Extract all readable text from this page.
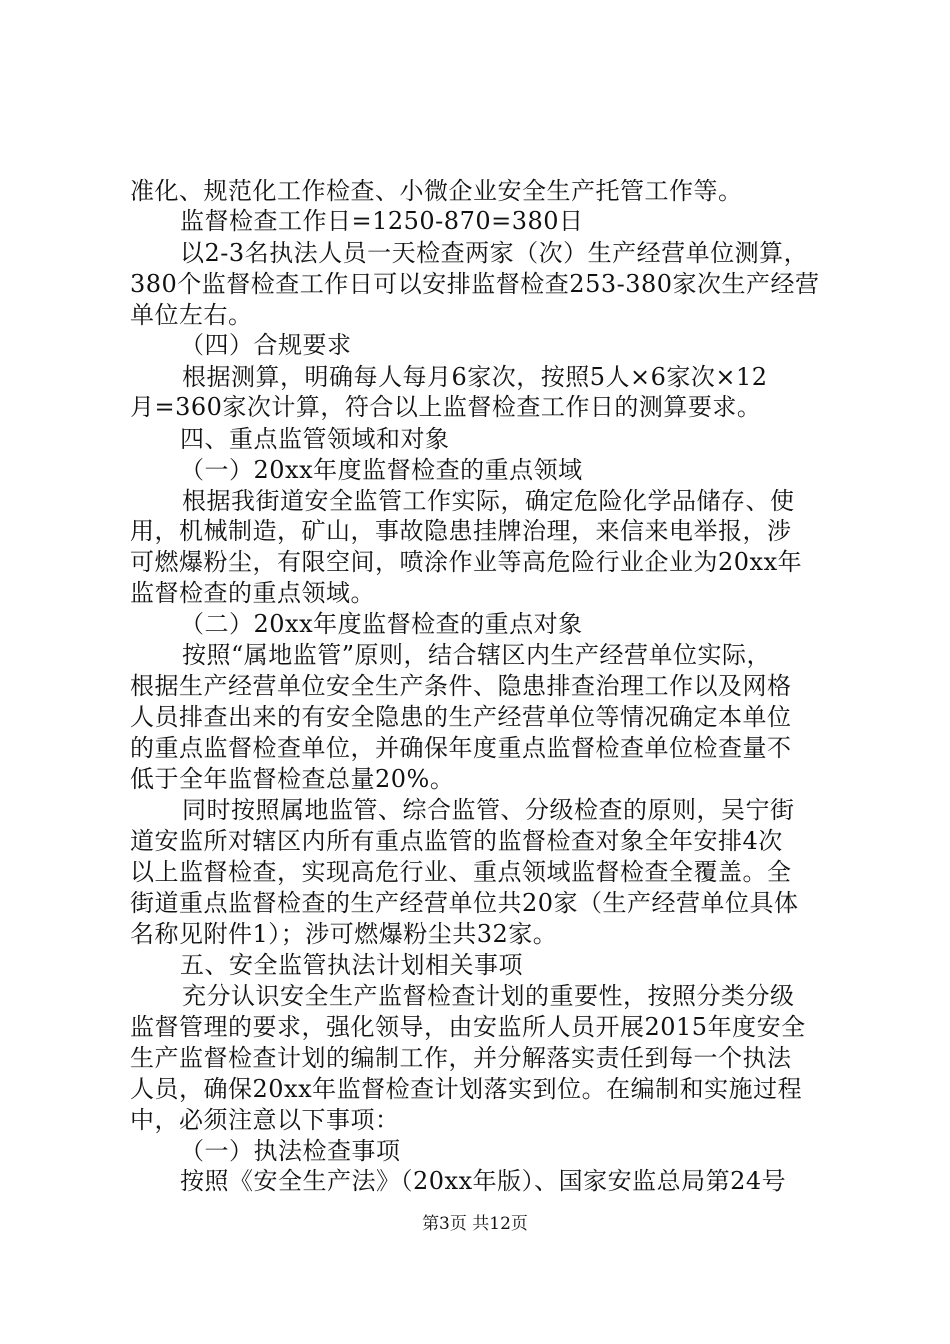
准化、规范化工作检查、小微企业安全生产托管工作等。
监督检查工作日=1250-870=380日
以2-3名执法人员一天检查两家（次）生产经营单位测算，
380个监督检查工作日可以安排监督检查253-380家次生产经营
单位左右。
（四）合规要求
根据测算，明确每人每月6家次，按照5人×6家次×12
月=360家次计算，符合以上监督检查工作日的测算要求。
四、重点监管领域和对象
（一）20xx年度监督检查的重点领域
根据我街道安全监管工作实际，确定危险化学品储存、使
用，机械制造，矿山，事故隐患挂牌治理，来信来电举报，涉
可燃爆粉尘，有限空间，喷涂作业等高危险行业企业为20xx年
监督检查的重点领域。
（二）20xx年度监督检查的重点对象
按照“属地监管”原则，结合辖区内生产经营单位实际，
根据生产经营单位安全生产条件、隐患排查治理工作以及网格
人员排查出来的有安全隐患的生产经营单位等情况确定本单位
的重点监督检查单位，并确保年度重点监督检查单位检查量不
低于全年监督检查总量20%。
同时按照属地监管、综合监管、分级检查的原则，吴宁街
道安监所对辖区内所有重点监管的监督检查对象全年安排4次
以上监督检查，实现高危行业、重点领域监督检查全覆盖。全
街道重点监督检查的生产经营单位共20家（生产经营单位具体
名称见附件1）；涉可燃爆粉尘共32家。
五、安全监管执法计划相关事项
充分认识安全生产监督检查计划的重要性，按照分类分级
监督管理的要求，强化领导，由安监所人员开展2015年度安全
生产监督检查计划的编制工作，并分解落实责任到每一个执法
人员，确保20xx年监督检查计划落实到位。在编制和实施过程
中，必须注意以下事项：
（一）执法检查事项
按照《安全生产法》（20xx年版）、国家安监总局第24号
第3页 共12页
